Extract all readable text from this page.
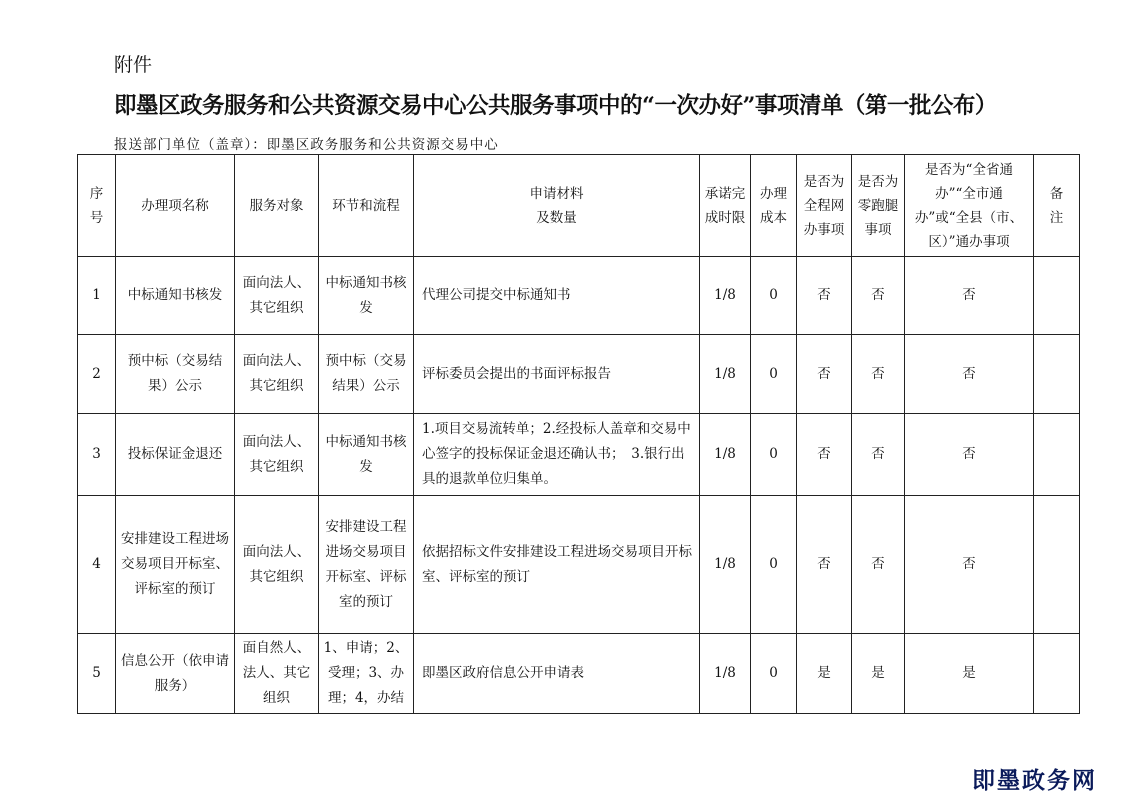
附件
即墨区政务服务和公共资源交易中心公共服务事项中的“一次办好”事项清单（第一批公布）
报送部门单位（盖章）：即墨区政务服务和公共资源交易中心
序号	办理项名称	服务对象	环节和流程	申请材料及数量	承诺完成时限	办理成本	是否为全程网办事项	是否为零跑腿事项	是否为“全省通办”“全市通办”或“全县（市、区）”通办事项	备注
1	中标通知书核发	面向法人、其它组织	中标通知书核发	代理公司提交中标通知书	1/8	0	否	否	否	
2	预中标（交易结果）公示	面向法人、其它组织	预中标（交易结果）公示	评标委员会提出的书面评标报告	1/8	0	否	否	否	
3	投标保证金退还	面向法人、其它组织	中标通知书核发	1.项目交易流转单；2.经投标人盖章和交易中心签字的投标保证金退还确认书；　3.银行出具的退款单位归集单。	1/8	0	否	否	否	
4	安排建设工程进场交易项目开标室、评标室的预订	面向法人、其它组织	安排建设工程进场交易项目开标室、评标室的预订	依据招标文件安排建设工程进场交易项目开标室、评标室的预订	1/8	0	否	否	否	
5	信息公开（依申请服务）	面自然人、法人、其它组织	1、申请；2、受理；3、办理；4，办结	即墨区政府信息公开申请表	1/8	0	是	是	是	
即墨政务网
